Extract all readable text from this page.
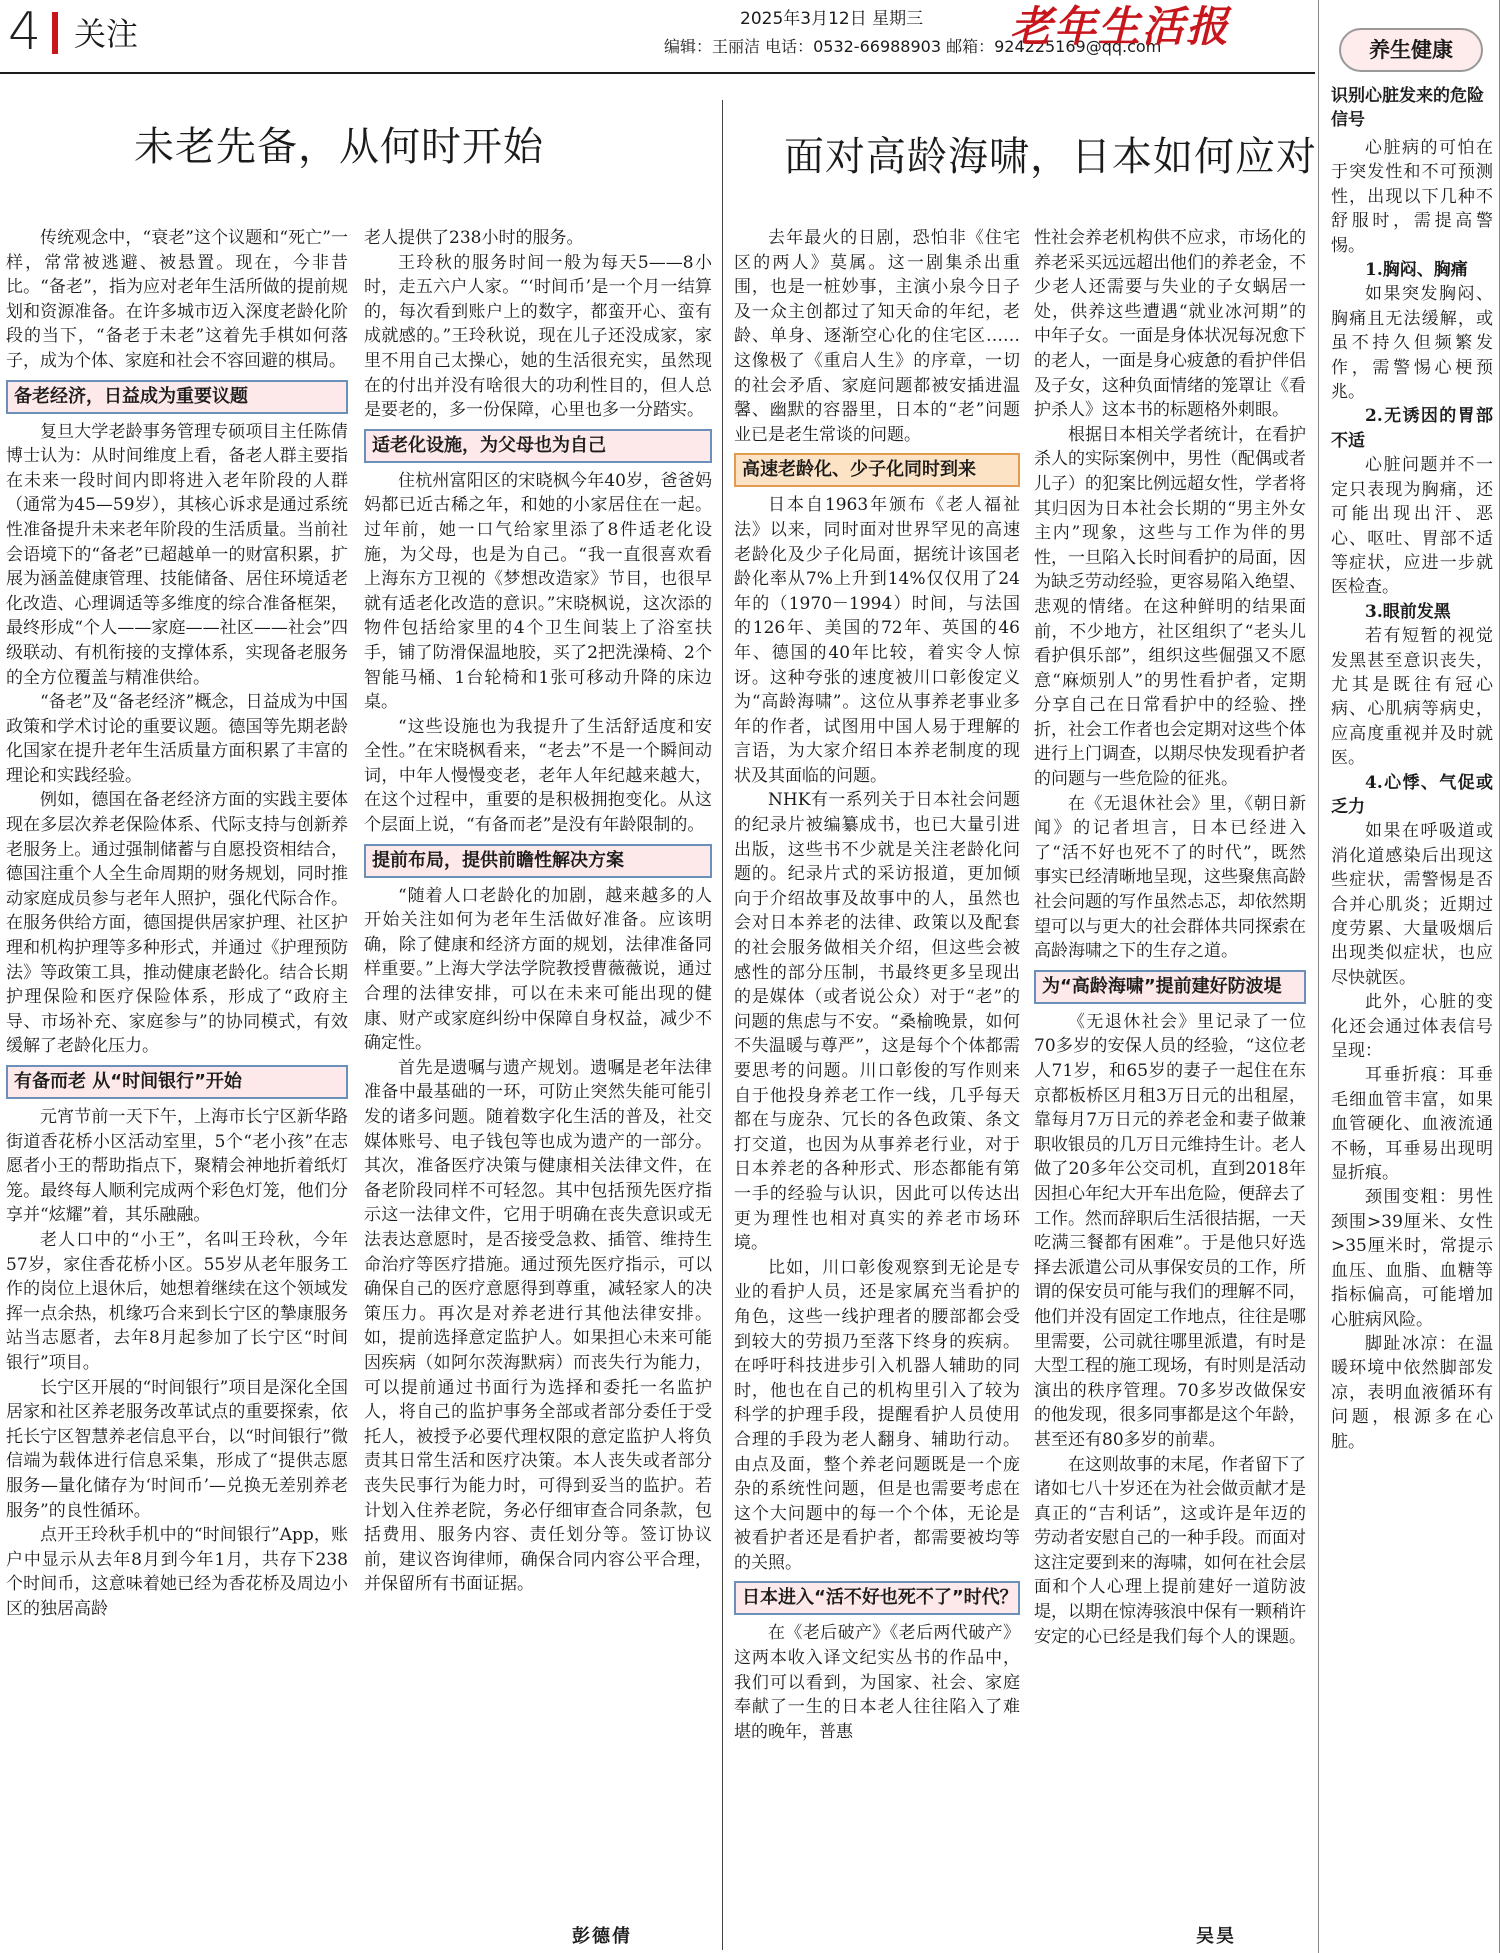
4 关注	2025年3月12日 星期三
编辑：王丽洁 电话：0532-66988903 邮箱：924225169@qq.com
老年生活报
未老先备，从何时开始

传统观念中，“衰老”这个议题和“死亡”一样，常常被逃避、被悬置。现在，今非昔比。“备老”，指为应对老年生活所做的提前规划和资源准备。在许多城市迈入深度老龄化阶段的当下，“备老于未老”这着先手棋如何落子，成为个体、家庭和社会不容回避的棋局。

备老经济，日益成为重要议题

复旦大学老龄事务管理专硕项目主任陈倩博士认为：从时间维度上看，备老人群主要指在未来一段时间内即将进入老年阶段的人群（通常为45—59岁），其核心诉求是通过系统性准备提升未来老年阶段的生活质量。当前社会语境下的“备老”已超越单一的财富积累，扩展为涵盖健康管理、技能储备、居住环境适老化改造、心理调适等多维度的综合准备框架，最终形成“个人——家庭——社区——社会”四级联动、有机衔接的支撑体系，实现备老服务的全方位覆盖与精准供给。

“备老”及“备老经济”概念，日益成为中国政策和学术讨论的重要议题。德国等先期老龄化国家在提升老年生活质量方面积累了丰富的理论和实践经验。

例如，德国在备老经济方面的实践主要体现在多层次养老保险体系、代际支持与创新养老服务上。通过强制储蓄与自愿投资相结合，德国注重个人全生命周期的财务规划，同时推动家庭成员参与老年人照护，强化代际合作。在服务供给方面，德国提供居家护理、社区护理和机构护理等多种形式，并通过《护理预防法》等政策工具，推动健康老龄化。结合长期护理保险和医疗保险体系，形成了“政府主导、市场补充、家庭参与”的协同模式，有效缓解了老龄化压力。

有备而老 从“时间银行”开始

元宵节前一天下午，上海市长宁区新华路街道香花桥小区活动室里，5个“老小孩”在志愿者小王的帮助指点下，聚精会神地折着纸灯笼。最终每人顺利完成两个彩色灯笼，他们分享并“炫耀”着，其乐融融。

老人口中的“小王”，名叫王玲秋，今年57岁，家住香花桥小区。55岁从老年服务工作的岗位上退休后，她想着继续在这个领域发挥一点余热，机缘巧合来到长宁区的摯康服务站当志愿者，去年8月起参加了长宁区“时间银行”项目。

长宁区开展的“时间银行”项目是深化全国居家和社区养老服务改革试点的重要探索，依托长宁区智慧养老信息平台，以“时间银行”微信端为载体进行信息采集，形成了“提供志愿服务—量化储存为‘时间币’—兑换无差别养老服务”的良性循环。

点开王玲秋手机中的“时间银行”App，账户中显示从去年8月到今年1月，共存下238个时间币，这意味着她已经为香花桥及周边小区的独居高龄

老人提供了238小时的服务。

王玲秋的服务时间一般为每天5——8小时，走五六户人家。“‘时间币’是一个月一结算的，每次看到账户上的数字，都蛮开心、蛮有成就感的。”王玲秋说，现在儿子还没成家，家里不用自己太操心，她的生活很充实，虽然现在的付出并没有啥很大的功利性目的，但人总是要老的，多一份保障，心里也多一分踏实。

适老化设施，为父母也为自己

住杭州富阳区的宋晓枫今年40岁，爸爸妈妈都已近古稀之年，和她的小家居住在一起。过年前，她一口气给家里添了8件适老化设施，为父母，也是为自己。“我一直很喜欢看上海东方卫视的《梦想改造家》节目，也很早就有适老化改造的意识。”宋晓枫说，这次添的物件包括给家里的4个卫生间装上了浴室扶手，铺了防滑保温地胶，买了2把洗澡椅、2个智能马桶、1台轮椅和1张可移动升降的床边桌。

“这些设施也为我提升了生活舒适度和安全性。”在宋晓枫看来，“老去”不是一个瞬间动词，中年人慢慢变老，老年人年纪越来越大，在这个过程中，重要的是积极拥抱变化。从这个层面上说，“有备而老”是没有年龄限制的。

提前布局，提供前瞻性解决方案

“随着人口老龄化的加剧，越来越多的人开始关注如何为老年生活做好准备。应该明确，除了健康和经济方面的规划，法律准备同样重要。”上海大学法学院教授曹薇薇说，通过合理的法律安排，可以在未来可能出现的健康、财产或家庭纠纷中保障自身权益，减少不确定性。

首先是遗嘱与遗产规划。遗嘱是老年法律准备中最基础的一环，可防止突然失能可能引发的诸多问题。随着数字化生活的普及，社交媒体账号、电子钱包等也成为遗产的一部分。其次，准备医疗决策与健康相关法律文件，在备老阶段同样不可轻忽。其中包括预先医疗指示这一法律文件，它用于明确在丧失意识或无法表达意愿时，是否接受急救、插管、维持生命治疗等医疗措施。通过预先医疗指示，可以确保自己的医疗意愿得到尊重，减轻家人的决策压力。再次是对养老进行其他法律安排。如，提前选择意定监护人。如果担心未来可能因疾病（如阿尔茨海默病）而丧失行为能力，可以提前通过书面行为选择和委托一名监护人，将自己的监护事务全部或者部分委任于受托人，被授予必要代理权限的意定监护人将负责其日常生活和医疗决策。本人丧失或者部分丧失民事行为能力时，可得到妥当的监护。若计划入住养老院，务必仔细审查合同条款，包括费用、服务内容、责任划分等。签订协议前，建议咨询律师，确保合同内容公平合理，并保留所有书面证据。

彭德倩
面对高龄海啸，日本如何应对

去年最火的日剧，恐怕非《住宅区的两人》莫属。这一剧集杀出重围，也是一桩妙事，主演小泉今日子及一众主创都过了知天命的年纪，老龄、单身、逐渐空心化的住宅区……这像极了《重启人生》的序章，一切的社会矛盾、家庭问题都被安插进温馨、幽默的容器里，日本的“老”问题业已是老生常谈的问题。

高速老龄化、少子化同时到来

日本自1963年颁布《老人福祉法》以来，同时面对世界罕见的高速老龄化及少子化局面，据统计该国老龄化率从7%上升到14%仅仅用了24年的（1970－1994）时间，与法国的126年、美国的72年、英国的46年、德国的40年比较，着实令人惊讶。这种夸张的速度被川口彰俊定义为“高龄海啸”。这位从事养老事业多年的作者，试图用中国人易于理解的言语，为大家介绍日本养老制度的现状及其面临的问题。

NHK有一系列关于日本社会问题的纪录片被编纂成书，也已大量引进出版，这些书不少就是关注老龄化问题的。纪录片式的采访报道，更加倾向于介绍故事及故事中的人，虽然也会对日本养老的法律、政策以及配套的社会服务做相关介绍，但这些会被感性的部分压制，书最终更多呈现出的是媒体（或者说公众）对于“老”的问题的焦虑与不安。“桑榆晚景，如何不失温暖与尊严”，这是每个个体都需要思考的问题。川口彰俊的写作则来自于他投身养老工作一线，几乎每天都在与庞杂、冗长的各色政策、条文打交道，也因为从事养老行业，对于日本养老的各种形式、形态都能有第一手的经验与认识，因此可以传达出更为理性也相对真实的养老市场环境。

比如，川口彰俊观察到无论是专业的看护人员，还是家属充当看护的角色，这些一线护理者的腰部都会受到较大的劳损乃至落下终身的疾病。在呼吁科技进步引入机器人辅助的同时，他也在自己的机构里引入了较为科学的护理手段，提醒看护人员使用合理的手段为老人翻身、辅助行动。由点及面，整个养老问题既是一个庞杂的系统性问题，但是也需要考虑在这个大问题中的每一个个体，无论是被看护者还是看护者，都需要被均等的关照。

日本进入“活不好也死不了”时代？

在《老后破产》《老后两代破产》这两本收入译文纪实丛书的作品中，我们可以看到，为国家、社会、家庭奉献了一生的日本老人往往陷入了难堪的晚年，普惠

性社会养老机构供不应求，市场化的养老采买远远超出他们的养老金，不少老人还需要与失业的子女蜗居一处，供养这些遭遇“就业冰河期”的中年子女。一面是身体状况每况愈下的老人，一面是身心疲惫的看护伴侣及子女，这种负面情绪的笼罩让《看护杀人》这本书的标题格外刺眼。

根据日本相关学者统计，在看护杀人的实际案例中，男性（配偶或者儿子）的犯案比例远超女性，学者将其归因为日本社会长期的“男主外女主内”现象，这些与工作为伴的男性，一旦陷入长时间看护的局面，因为缺乏劳动经验，更容易陷入绝望、悲观的情绪。在这种鲜明的结果面前，不少地方，社区组织了“老头儿看护俱乐部”，组织这些倔强又不愿意“麻烦别人”的男性看护者，定期分享自己在日常看护中的经验、挫折，社会工作者也会定期对这些个体进行上门调查，以期尽快发现看护者的问题与一些危险的征兆。

在《无退休社会》里，《朝日新闻》的记者坦言，日本已经进入了“活不好也死不了的时代”，既然事实已经清晰地呈现，这些聚焦高龄社会问题的写作虽然忐忑，却依然期望可以与更大的社会群体共同探索在高龄海啸之下的生存之道。

为“高龄海啸”提前建好防波堤

《无退休社会》里记录了一位70多岁的安保人员的经验，“这位老人71岁，和65岁的妻子一起住在东京都板桥区月租3万日元的出租屋，靠每月7万日元的养老金和妻子做兼职收银员的几万日元维持生计。老人做了20多年公交司机，直到2018年因担心年纪大开车出危险，便辞去了工作。然而辞职后生活很拮据，一天吃满三餐都有困难”。于是他只好选择去派遣公司从事保安员的工作，所谓的保安员可能与我们的理解不同，他们并没有固定工作地点，往往是哪里需要，公司就往哪里派遣，有时是大型工程的施工现场，有时则是活动演出的秩序管理。70多岁改做保安的他发现，很多同事都是这个年龄，甚至还有80多岁的前辈。

在这则故事的末尾，作者留下了诸如七八十岁还在为社会做贡献才是真正的“吉利话”，这或许是年迈的劳动者安慰自己的一种手段。而面对这注定要到来的海啸，如何在社会层面和个人心理上提前建好一道防波堤，以期在惊涛骇浪中保有一颗稍许安定的心已经是我们每个人的课题。

吴昊
养生健康
识别心脏发来的危险信号

心脏病的可怕在于突发性和不可预测性，出现以下几种不舒服时，需提高警惕。

1.胸闷、胸痛

如果突发胸闷、胸痛且无法缓解，或虽不持久但频繁发作，需警惕心梗预兆。

2.无诱因的胃部不适

心脏问题并不一定只表现为胸痛，还可能出现出汗、恶心、呕吐、胃部不适等症状，应进一步就医检查。

3.眼前发黑

若有短暂的视觉发黑甚至意识丧失，尤其是既往有冠心病、心肌病等病史，应高度重视并及时就医。

4.心悸、气促或乏力

如果在呼吸道或消化道感染后出现这些症状，需警惕是否合并心肌炎；近期过度劳累、大量吸烟后出现类似症状，也应尽快就医。

此外，心脏的变化还会通过体表信号呈现：

耳垂折痕：耳垂毛细血管丰富，如果血管硬化、血液流通不畅，耳垂易出现明显折痕。

颈围变粗：男性颈围>39厘米、女性>35厘米时，常提示血压、血脂、血糖等指标偏高，可能增加心脏病风险。

脚趾冰凉：在温暖环境中依然脚部发凉，表明血液循环有问题，根源多在心脏。
